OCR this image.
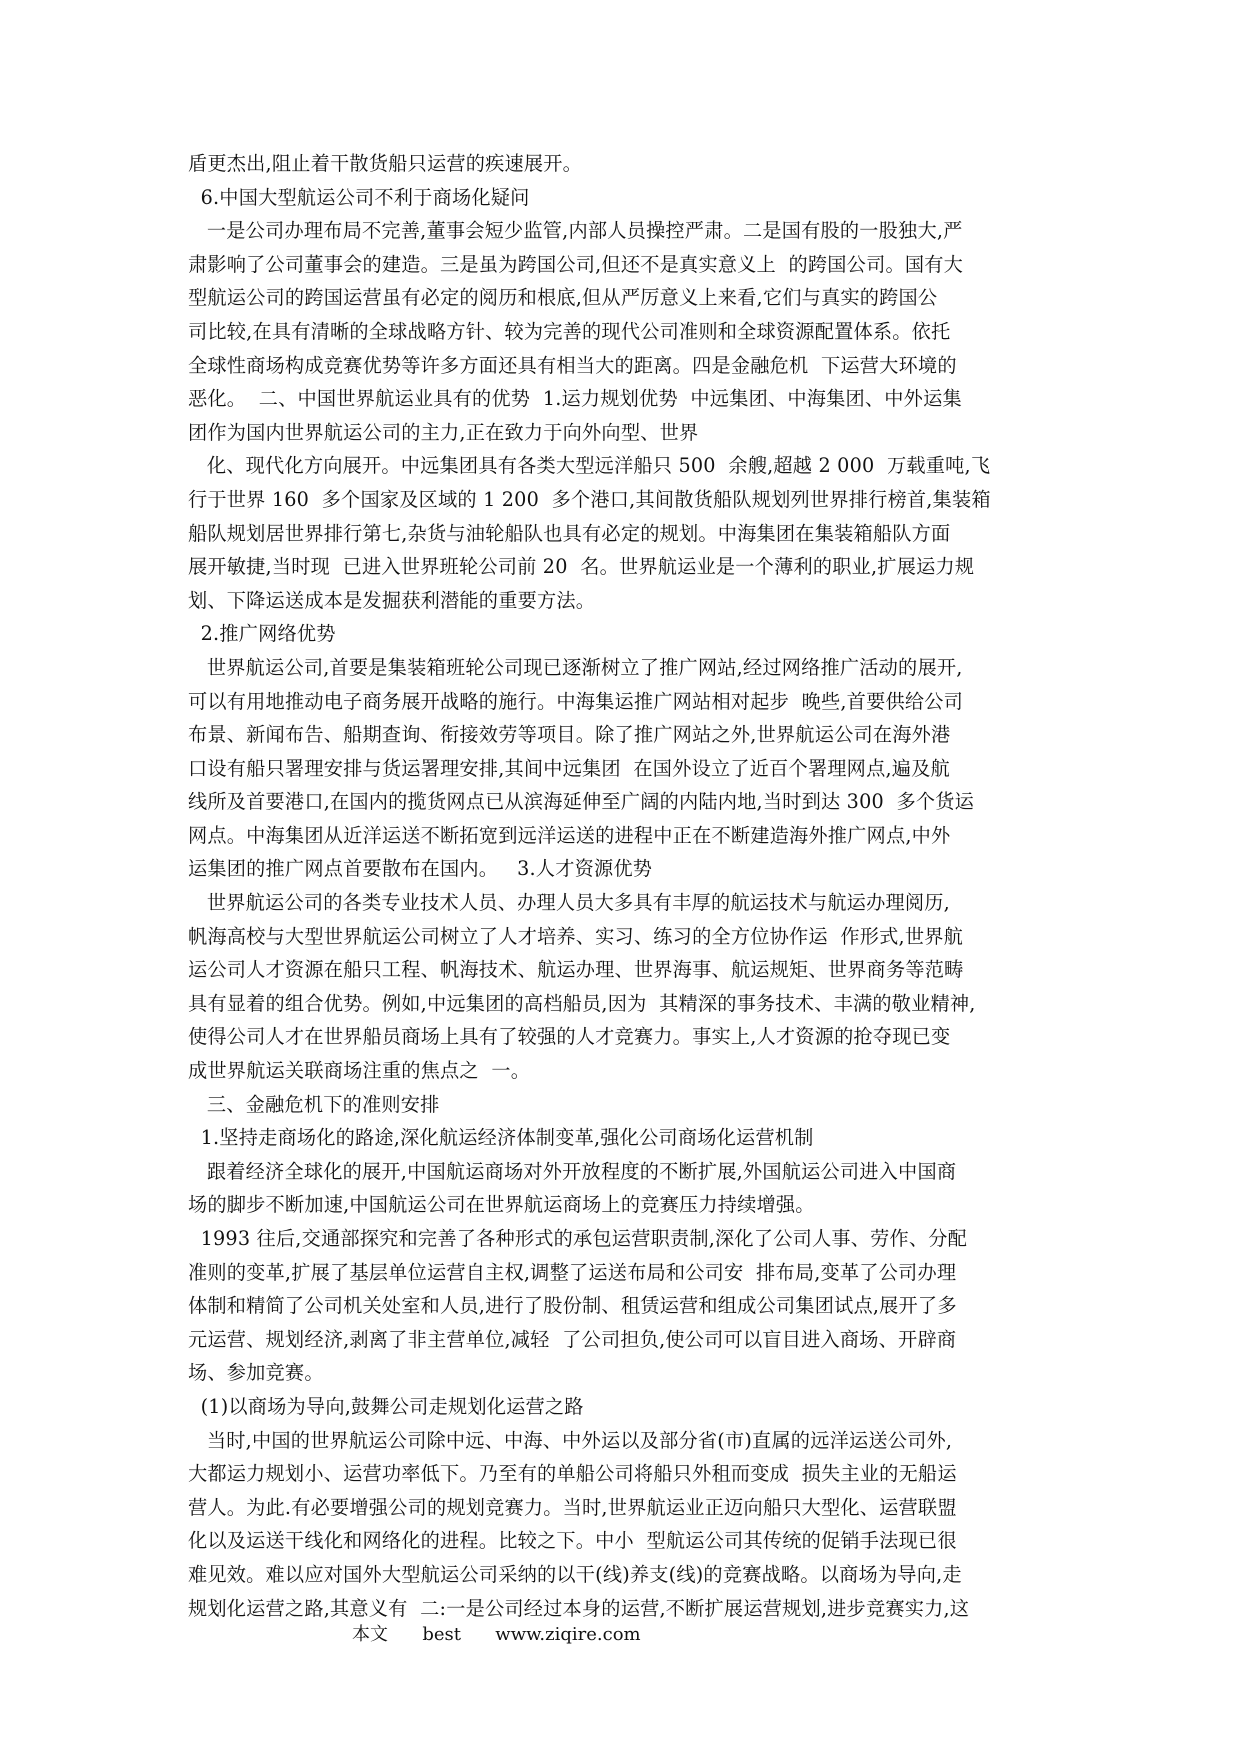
盾更杰出,阻止着干散货船只运营的疾速展开。

6.中国大型航运公司不利于商场化疑问

一是公司办理布局不完善,董事会短少监管,内部人员操控严肃。二是国有股的一股独大,严

肃影响了公司董事会的建造。三是虽为跨国公司,但还不是真实意义上  的跨国公司。国有大

型航运公司的跨国运营虽有必定的阅历和根底,但从严厉意义上来看,它们与真实的跨国公

司比较,在具有清晰的全球战略方针、较为完善的现代公司准则和全球资源配置体系。依托

全球性商场构成竞赛优势等许多方面还具有相当大的距离。四是金融危机  下运营大环境的

恶化。  二、中国世界航运业具有的优势  1.运力规划优势  中远集团、中海集团、中外运集

团作为国内世界航运公司的主力,正在致力于向外向型、世界

化、现代化方向展开。中远集团具有各类大型远洋船只 500  余艘,超越 2 000  万载重吨,飞

行于世界 160  多个国家及区域的 1 200  多个港口,其间散货船队规划列世界排行榜首,集装箱

船队规划居世界排行第七,杂货与油轮船队也具有必定的规划。中海集团在集装箱船队方面

展开敏捷,当时现  已进入世界班轮公司前 20  名。世界航运业是一个薄利的职业,扩展运力规

划、下降运送成本是发掘获利潜能的重要方法。

2.推广网络优势

世界航运公司,首要是集装箱班轮公司现已逐渐树立了推广网站,经过网络推广活动的展开,

可以有用地推动电子商务展开战略的施行。中海集运推广网站相对起步  晚些,首要供给公司

布景、新闻布告、船期查询、衔接效劳等项目。除了推广网站之外,世界航运公司在海外港

口设有船只署理安排与货运署理安排,其间中远集团  在国外设立了近百个署理网点,遍及航

线所及首要港口,在国内的揽货网点已从滨海延伸至广阔的内陆内地,当时到达 300  多个货运

网点。中海集团从近洋运送不断拓宽到远洋运送的进程中正在不断建造海外推广网点,中外

运集团的推广网点首要散布在国内。   3.人才资源优势

世界航运公司的各类专业技术人员、办理人员大多具有丰厚的航运技术与航运办理阅历,

帆海高校与大型世界航运公司树立了人才培养、实习、练习的全方位协作运  作形式,世界航

运公司人才资源在船只工程、帆海技术、航运办理、世界海事、航运规矩、世界商务等范畴

具有显着的组合优势。例如,中远集团的高档船员,因为  其精深的事务技术、丰满的敬业精神,

使得公司人才在世界船员商场上具有了较强的人才竞赛力。事实上,人才资源的抢夺现已变

成世界航运关联商场注重的焦点之  一。

三、金融危机下的准则安排

1.坚持走商场化的路途,深化航运经济体制变革,强化公司商场化运营机制

跟着经济全球化的展开,中国航运商场对外开放程度的不断扩展,外国航运公司进入中国商

场的脚步不断加速,中国航运公司在世界航运商场上的竞赛压力持续增强。

1993 往后,交通部探究和完善了各种形式的承包运营职责制,深化了公司人事、劳作、分配

准则的变革,扩展了基层单位运营自主权,调整了运送布局和公司安  排布局,变革了公司办理

体制和精简了公司机关处室和人员,进行了股份制、租赁运营和组成公司集团试点,展开了多

元运营、规划经济,剥离了非主营单位,减轻  了公司担负,使公司可以盲目进入商场、开辟商

场、参加竞赛。

(1)以商场为导向,鼓舞公司走规划化运营之路

当时,中国的世界航运公司除中远、中海、中外运以及部分省(市)直属的远洋运送公司外,

大都运力规划小、运营功率低下。乃至有的单船公司将船只外租而变成  损失主业的无船运

营人。为此.有必要增强公司的规划竞赛力。当时,世界航运业正迈向船只大型化、运营联盟

化以及运送干线化和网络化的进程。比较之下。中小  型航运公司其传统的促销手法现已很

难见效。难以应对国外大型航运公司采纳的以干(线)养支(线)的竞赛战略。以商场为导向,走

规划化运营之路,其意义有  二:一是公司经过本身的运营,不断扩展运营规划,进步竞赛实力,这

本文      best      www.ziqire.com
